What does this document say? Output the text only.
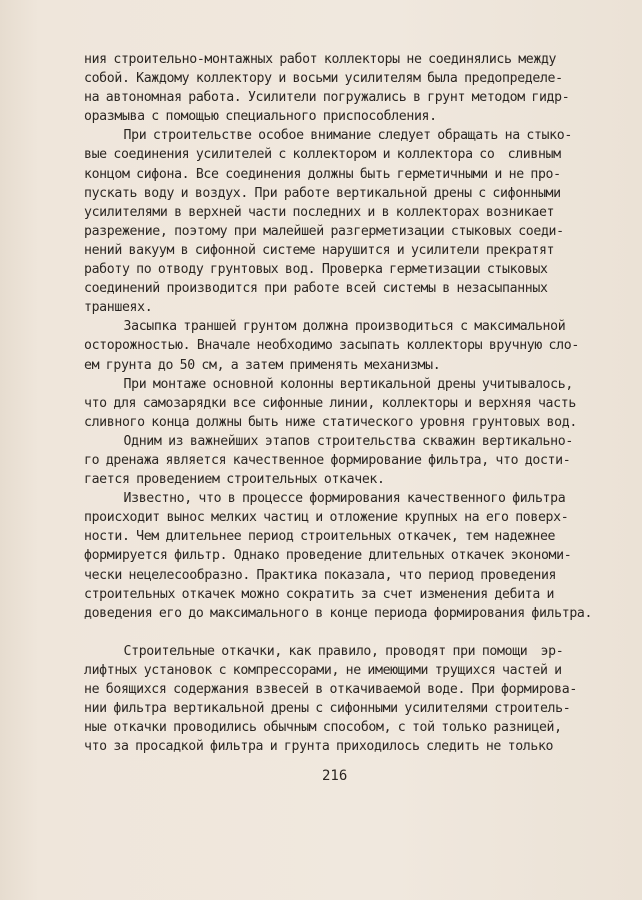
ния строительно-монтажных работ коллекторы не соединялись между
собой. Каждому коллектору и восьми усилителям была предопределе-
на автономная работа. Усилители погружались в грунт методом гидр-
оразмыва с помощью специального приспособления.
При строительстве особое внимание следует обращать на стыко-
вые соединения усилителей с коллектором и коллектора со  сливным
концом сифона. Все соединения должны быть герметичными и не про-
пускать воду и воздух. При работе вертикальной дрены с сифонными
усилителями в верхней части последних и в коллекторах возникает
разрежение, поэтому при малейшей разгерметизации стыковых соеди-
нений вакуум в сифонной системе нарушится и усилители прекратят
работу по отводу грунтовых вод. Проверка герметизации стыковых
соединений производится при работе всей системы в незасыпанных
траншеях.
Засыпка траншей грунтом должна производиться с максимальной
осторожностью. Вначале необходимо засыпать коллекторы вручную сло-
ем грунта до 50 см, а затем применять механизмы.
При монтаже основной колонны вертикальной дрены учитывалось,
что для самозарядки все сифонные линии, коллекторы и верхняя часть
сливного конца должны быть ниже статического уровня грунтовых вод.
Одним из важнейших этапов строительства скважин вертикально-
го дренажа является качественное формирование фильтра, что дости-
гается проведением строительных откачек.
Известно, что в процессе формирования качественного фильтра
происходит вынос мелких частиц и отложение крупных на его поверх-
ности. Чем длительнее период строительных откачек, тем надежнее
формируется фильтр. Однако проведение длительных откачек экономи-
чески нецелесообразно. Практика показала, что период проведения
строительных откачек можно сократить за счет изменения дебита и
доведения его до максимального в конце периода формирования фильтра.
Строительные откачки, как правило, проводят при помощи  эр-
лифтных установок с компрессорами, не имеющими трущихся частей и
не боящихся содержания взвесей в откачиваемой воде. При формирова-
нии фильтра вертикальной дрены с сифонными усилителями строитель-
ные откачки проводились обычным способом, с той только разницей,
что за просадкой фильтра и грунта приходилось следить не только
216
